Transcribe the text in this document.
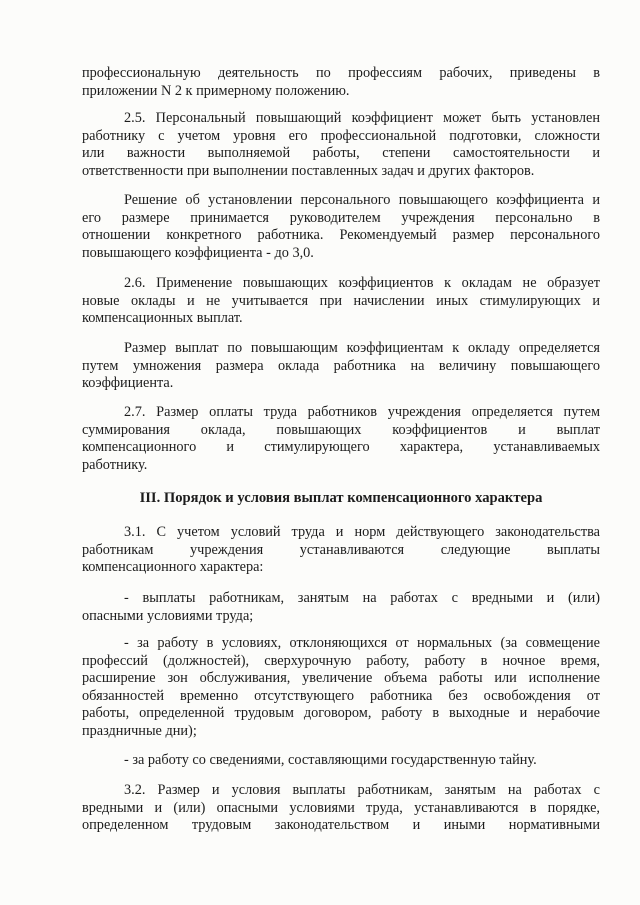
профессиональную деятельность по профессиям рабочих, приведены в
приложении N 2 к примерному положению.
2.5. Персональный повышающий коэффициент может быть установлен
работнику с учетом уровня его профессиональной подготовки, сложности
или важности выполняемой работы, степени самостоятельности и
ответственности при выполнении поставленных задач и других факторов.
Решение об установлении персонального повышающего коэффициента и
его размере принимается руководителем учреждения персонально в
отношении конкретного работника. Рекомендуемый размер персонального
повышающего коэффициента - до 3,0.
2.6. Применение повышающих коэффициентов к окладам не образует
новые оклады и не учитывается при начислении иных стимулирующих и
компенсационных выплат.
Размер выплат по повышающим коэффициентам к окладу определяется
путем умножения размера оклада работника на величину повышающего
коэффициента.
2.7. Размер оплаты труда работников учреждения определяется путем
суммирования оклада, повышающих коэффициентов и выплат
компенсационного и стимулирующего характера, устанавливаемых
работнику.
III. Порядок и условия выплат компенсационного характера
3.1. С учетом условий труда и норм действующего законодательства
работникам учреждения устанавливаются следующие выплаты
компенсационного характера:
- выплаты работникам, занятым на работах с вредными и (или)
опасными условиями труда;
- за работу в условиях, отклоняющихся от нормальных (за совмещение
профессий (должностей), сверхурочную работу, работу в ночное время,
расширение зон обслуживания, увеличение объема работы или исполнение
обязанностей временно отсутствующего работника без освобождения от
работы, определенной трудовым договором, работу в выходные и нерабочие
праздничные дни);
- за работу со сведениями, составляющими государственную тайну.
3.2. Размер и условия выплаты работникам, занятым на работах с
вредными и (или) опасными условиями труда, устанавливаются в порядке,
определенном трудовым законодательством и иными нормативными
